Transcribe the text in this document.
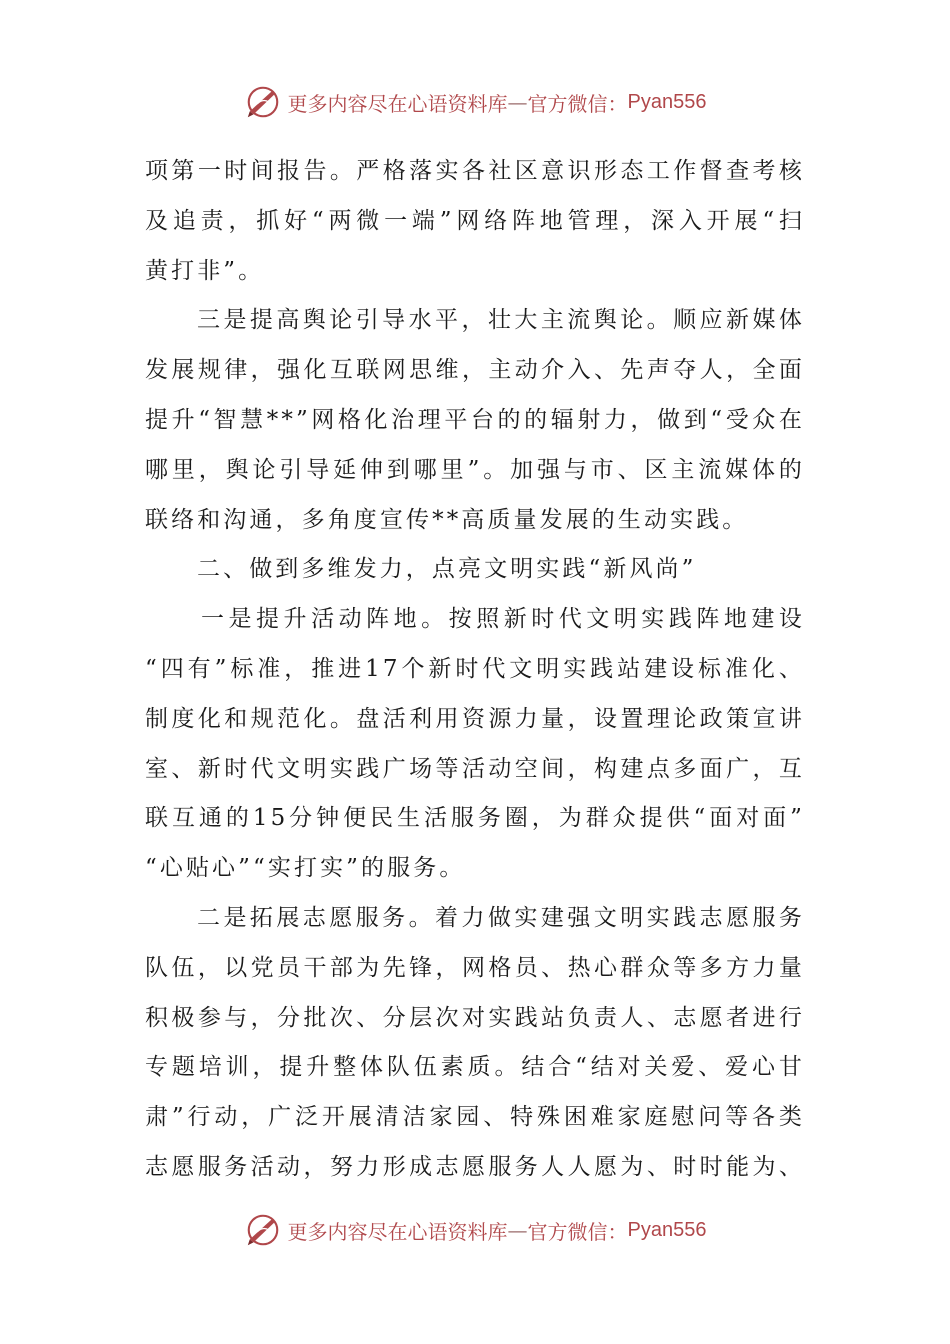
更多内容尽在心语资料库 — 官方微信： Pyan556

项第一时间报告。严格落实各社区意识形态工作督查考核
及追责，抓好“两微一端”网络阵地管理，深入开展“扫
黄打非”。

三是提高舆论引导水平，壮大主流舆论。顺应新媒体
发展规律，强化互联网思维，主动介入、先声夺人，全面
提升“智慧**”网格化治理平台的的辐射力，做到“受众在
哪里，舆论引导延伸到哪里”。加强与市、区主流媒体的
联络和沟通，多角度宣传**高质量发展的生动实践。

二、做到多维发力，点亮文明实践“新风尚”

一是提升活动阵地。按照新时代文明实践阵地建设
“四有”标准，推进17个新时代文明实践站建设标准化、
制度化和规范化。盘活利用资源力量，设置理论政策宣讲
室、新时代文明实践广场等活动空间，构建点多面广，互
联互通的15分钟便民生活服务圈，为群众提供“面对面”
“心贴心”“实打实”的服务。

二是拓展志愿服务。着力做实建强文明实践志愿服务
队伍，以党员干部为先锋，网格员、热心群众等多方力量
积极参与，分批次、分层次对实践站负责人、志愿者进行
专题培训，提升整体队伍素质。结合“结对关爱、爱心甘
肃”行动，广泛开展清洁家园、特殊困难家庭慰问等各类
志愿服务活动，努力形成志愿服务人人愿为、时时能为、

更多内容尽在心语资料库 — 官方微信： Pyan556
